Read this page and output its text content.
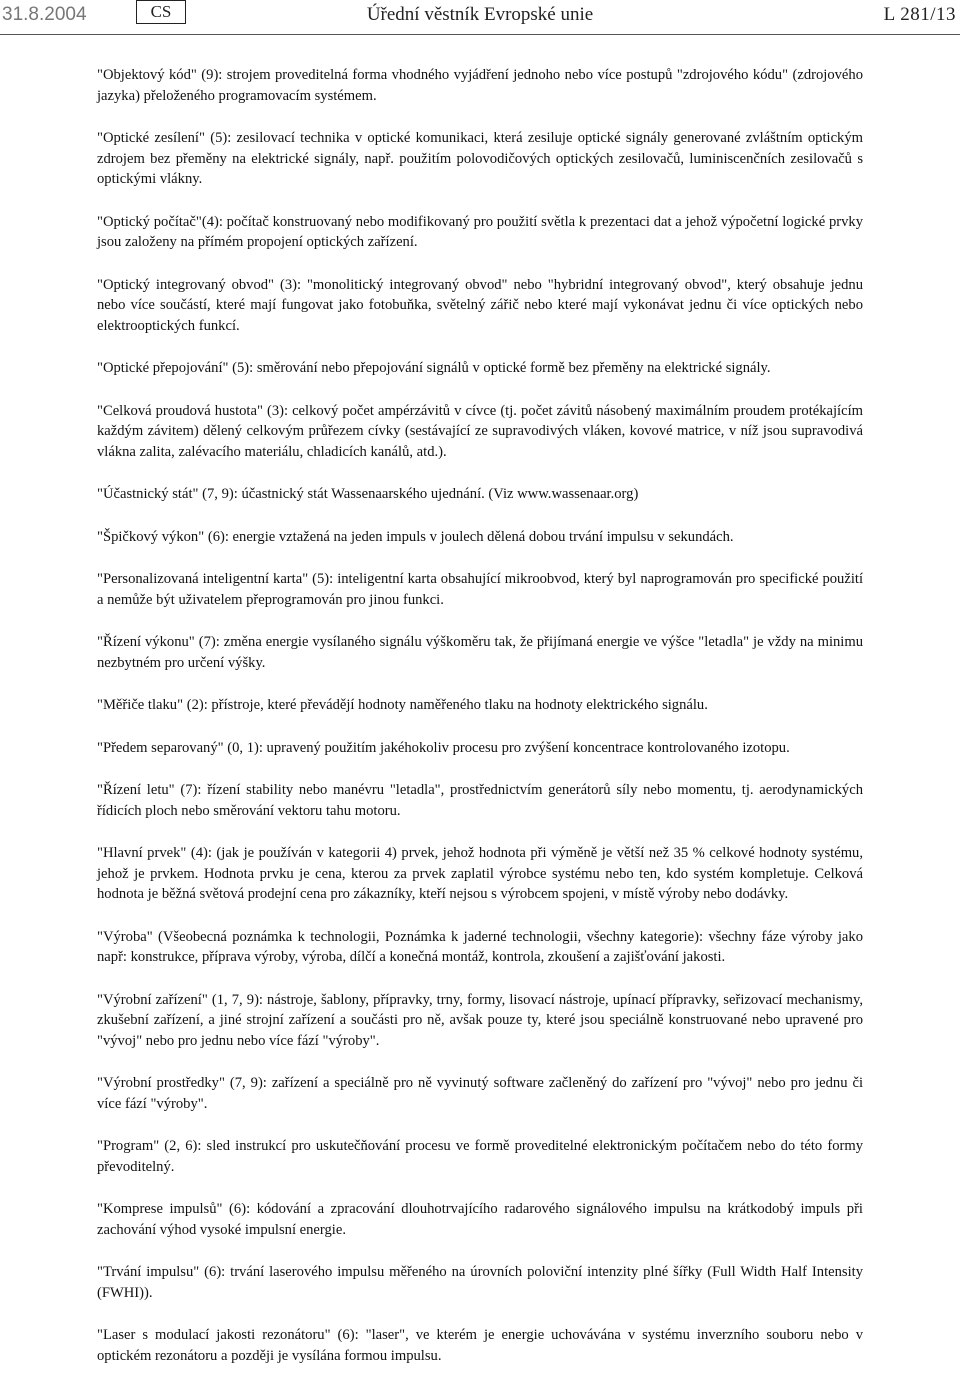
31.8.2004	CS	Úřední věstník Evropské unie	L 281/13

"Objektový kód" (9): strojem proveditelná forma vhodného vyjádření jednoho nebo více postupů "zdrojového kódu" (zdrojového jazyka) přeloženého programovacím systémem.

"Optické zesílení" (5): zesilovací technika v optické komunikaci, která zesiluje optické signály generované zvláštním optickým zdrojem bez přeměny na elektrické signály, např. použitím polovodičových optických zesilovačů, luminiscenčních zesilovačů s optickými vlákny.

"Optický počítač"(4): počítač konstruovaný nebo modifikovaný pro použití světla k prezentaci dat a jehož výpočetní logické prvky jsou založeny na přímém propojení optických zařízení.

"Optický integrovaný obvod" (3): "monolitický integrovaný obvod" nebo "hybridní integrovaný obvod", který obsahuje jednu nebo více součástí, které mají fungovat jako fotobuňka, světelný zářič nebo které mají vykonávat jednu či více optických nebo elektrooptických funkcí.

"Optické přepojování" (5): směrování nebo přepojování signálů v optické formě bez přeměny na elektrické signály.

"Celková proudová hustota" (3): celkový počet ampérzávitů v cívce (tj. počet závitů násobený maximálním proudem protékajícím každým závitem) dělený celkovým průřezem cívky (sestávající ze supravodivých vláken, kovové matrice, v níž jsou supravodivá vlákna zalita, zalévacího materiálu, chladicích kanálů, atd.).

"Účastnický stát" (7, 9): účastnický stát Wassenaarského ujednání. (Viz www.wassenaar.org)

"Špičkový výkon" (6): energie vztažená na jeden impuls v joulech dělená dobou trvání impulsu v sekundách.

"Personalizovaná inteligentní karta" (5): inteligentní karta obsahující mikroobvod, který byl naprogramován pro specifické použití a nemůže být uživatelem přeprogramován pro jinou funkci.

"Řízení výkonu" (7): změna energie vysílaného signálu výškoměru tak, že přijímaná energie ve výšce "letadla" je vždy na minimu nezbytném pro určení výšky.

"Měřiče tlaku" (2): přístroje, které převádějí hodnoty naměřeného tlaku na hodnoty elektrického signálu.

"Předem separovaný" (0, 1): upravený použitím jakéhokoliv procesu pro zvýšení koncentrace kontrolovaného izotopu.

"Řízení letu" (7): řízení stability nebo manévru "letadla", prostřednictvím generátorů síly nebo momentu, tj. aerodynamických řídicích ploch nebo směrování vektoru tahu motoru.

"Hlavní prvek" (4): (jak je používán v kategorii 4) prvek, jehož hodnota při výměně je větší než 35 % celkové hodnoty systému, jehož je prvkem. Hodnota prvku je cena, kterou za prvek zaplatil výrobce systému nebo ten, kdo systém kompletuje. Celková hodnota je běžná světová prodejní cena pro zákazníky, kteří nejsou s výrobcem spojeni, v místě výroby nebo dodávky.

"Výroba" (Všeobecná poznámka k technologii, Poznámka k jaderné technologii, všechny kategorie): všechny fáze výroby jako např: konstrukce, příprava výroby, výroba, dílčí a konečná montáž, kontrola, zkoušení a zajišťování jakosti.

"Výrobní zařízení" (1, 7, 9): nástroje, šablony, přípravky, trny, formy, lisovací nástroje, upínací přípravky, seřizovací mechanismy, zkušební zařízení, a jiné strojní zařízení a součásti pro ně, avšak pouze ty, které jsou speciálně konstruované nebo upravené pro "vývoj" nebo pro jednu nebo více fází "výroby".

"Výrobní prostředky" (7, 9): zařízení a speciálně pro ně vyvinutý software začleněný do zařízení pro "vývoj" nebo pro jednu či více fází "výroby".

"Program" (2, 6): sled instrukcí pro uskutečňování procesu ve formě proveditelné elektronickým počítačem nebo do této formy převoditelný.

"Komprese impulsů" (6): kódování a zpracování dlouhotrvajícího radarového signálového impulsu na krátkodobý impuls při zachování výhod vysoké impulsní energie.

"Trvání impulsu" (6): trvání laserového impulsu měřeného na úrovních poloviční intenzity plné šířky (Full Width Half Intensity (FWHI)).

"Laser s modulací jakosti rezonátoru" (6): "laser", ve kterém je energie uchovávána v systému inverzního souboru nebo v optickém rezonátoru a později je vysílána formou impulsu.
